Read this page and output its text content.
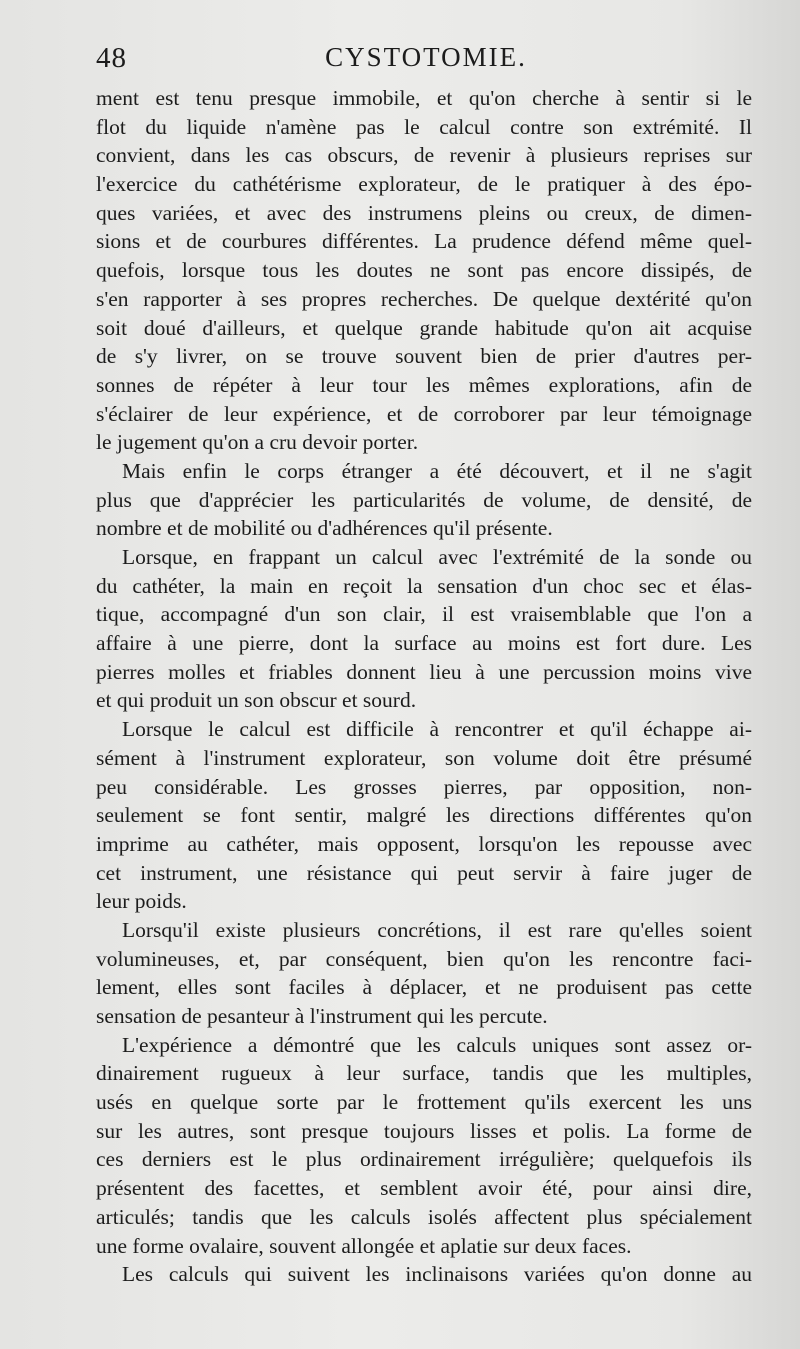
48	CYSTOTOMIE.
ment est tenu presque immobile, et qu'on cherche à sentir si le
flot du liquide n'amène pas le calcul contre son extrémité. Il
convient, dans les cas obscurs, de revenir à plusieurs reprises sur
l'exercice du cathétérisme explorateur, de le pratiquer à des épo-
ques variées, et avec des instrumens pleins ou creux, de dimen-
sions et de courbures différentes. La prudence défend même quel-
quefois, lorsque tous les doutes ne sont pas encore dissipés, de
s'en rapporter à ses propres recherches. De quelque dextérité qu'on
soit doué d'ailleurs, et quelque grande habitude qu'on ait acquise
de s'y livrer, on se trouve souvent bien de prier d'autres per-
sonnes de répéter à leur tour les mêmes explorations, afin de
s'éclairer de leur expérience, et de corroborer par leur témoignage
le jugement qu'on a cru devoir porter.
Mais enfin le corps étranger a été découvert, et il ne s'agit
plus que d'apprécier les particularités de volume, de densité, de
nombre et de mobilité ou d'adhérences qu'il présente.
Lorsque, en frappant un calcul avec l'extrémité de la sonde ou
du cathéter, la main en reçoit la sensation d'un choc sec et élas-
tique, accompagné d'un son clair, il est vraisemblable que l'on a
affaire à une pierre, dont la surface au moins est fort dure. Les
pierres molles et friables donnent lieu à une percussion moins vive
et qui produit un son obscur et sourd.
Lorsque le calcul est difficile à rencontrer et qu'il échappe ai-
sément à l'instrument explorateur, son volume doit être présumé
peu considérable. Les grosses pierres, par opposition, non-
seulement se font sentir, malgré les directions différentes qu'on
imprime au cathéter, mais opposent, lorsqu'on les repousse avec
cet instrument, une résistance qui peut servir à faire juger de
leur poids.
Lorsqu'il existe plusieurs concrétions, il est rare qu'elles soient
volumineuses, et, par conséquent, bien qu'on les rencontre faci-
lement, elles sont faciles à déplacer, et ne produisent pas cette
sensation de pesanteur à l'instrument qui les percute.
L'expérience a démontré que les calculs uniques sont assez or-
dinairement rugueux à leur surface, tandis que les multiples,
usés en quelque sorte par le frottement qu'ils exercent les uns
sur les autres, sont presque toujours lisses et polis. La forme de
ces derniers est le plus ordinairement irrégulière; quelquefois ils
présentent des facettes, et semblent avoir été, pour ainsi dire,
articulés; tandis que les calculs isolés affectent plus spécialement
une forme ovalaire, souvent allongée et aplatie sur deux faces.
Les calculs qui suivent les inclinaisons variées qu'on donne au
